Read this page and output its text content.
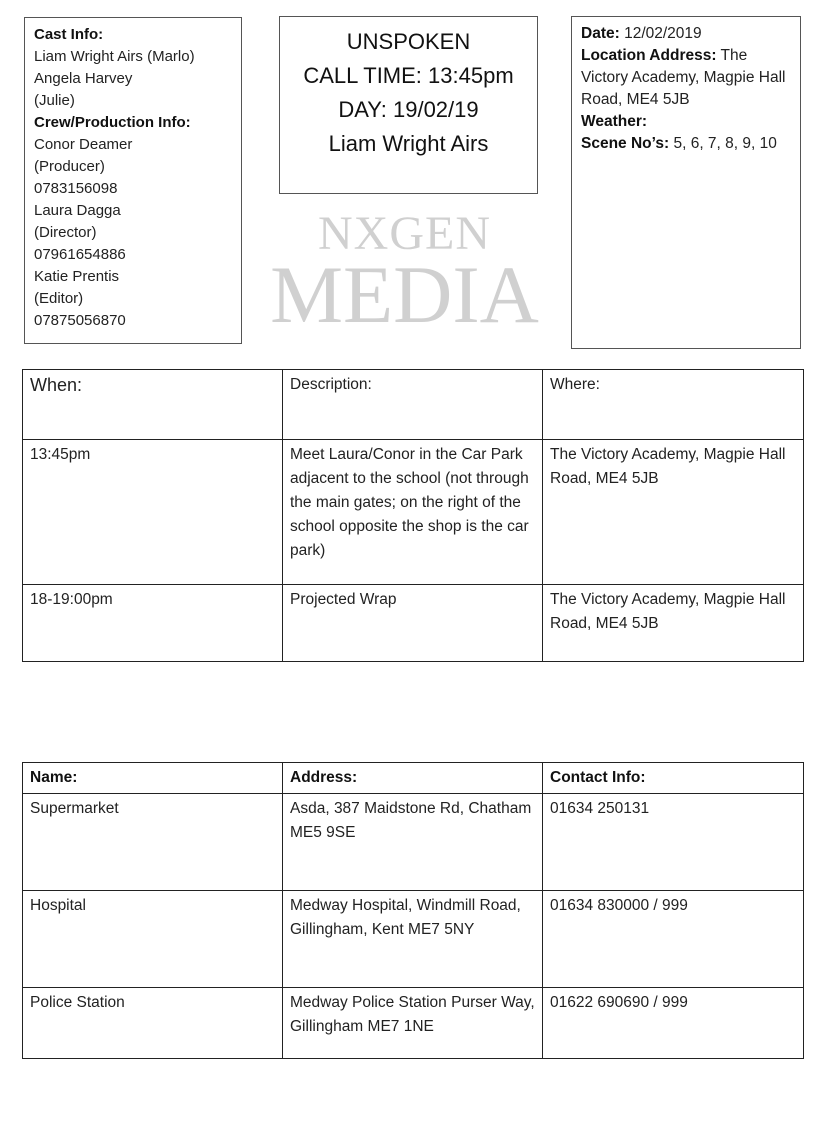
Cast Info:
Liam Wright Airs (Marlo)
Angela Harvey
(Julie)
Crew/Production Info:
Conor Deamer
(Producer)
0783156098
Laura Dagga
(Director)
07961654886
Katie Prentis
(Editor)
07875056870
UNSPOKEN
CALL TIME: 13:45pm
DAY: 19/02/19
Liam Wright Airs
NXGEN
MEDIA
Date: 12/02/2019
Location Address: The Victory Academy, Magpie Hall Road, ME4 5JB
Weather:
Scene No’s: 5, 6, 7, 8, 9, 10
When:	Description:	Where:
13:45pm	Meet Laura/Conor in the Car Park adjacent to the school (not through the main gates; on the right of the school opposite the shop is the car park)	The Victory Academy, Magpie Hall Road, ME4 5JB
18-19:00pm	Projected Wrap	The Victory Academy, Magpie Hall Road, ME4 5JB
Name:	Address:	Contact Info:
Supermarket	Asda, 387 Maidstone Rd, Chatham ME5 9SE	01634 250131
Hospital	Medway Hospital, Windmill Road, Gillingham, Kent ME7 5NY	01634 830000 / 999
Police Station	Medway Police Station Purser Way, Gillingham ME7 1NE	01622 690690 / 999
